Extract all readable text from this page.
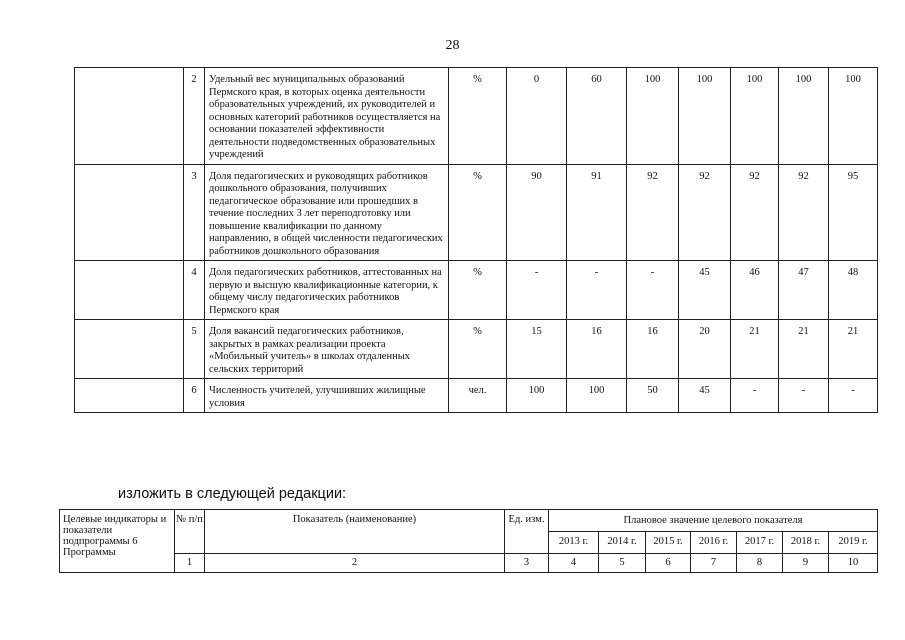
28
	2	Удельный вес муниципальных образований Пермского края, в которых оценка деятельности образовательных учреждений, их руководителей и основных категорий работников осуществляется на основании показателей эффективности деятельности подведомственных образовательных учреждений	%	0	60	100	100	100	100	100
	3	Доля педагогических и руководящих работников дошкольного образования, получивших педагогическое образование или прошедших в течение последних 3 лет переподготовку или повышение квалификации по данному направлению, в общей численности педагогических работников дошкольного образования	%	90	91	92	92	92	92	95
	4	Доля педагогических работников, аттестованных на первую и высшую квалификационные категории, к общему числу педагогических работников Пермского края	%	-	-	-	45	46	47	48
	5	Доля вакансий педагогических работников, закрытых в рамках реализации проекта «Мобильный учитель» в школах отдаленных сельских территорий	%	15	16	16	20	21	21	21
	6	Численность учителей, улучшивших жилищные условия	чел.	100	100	50	45	-	-	-
изложить в следующей редакции:
Целевые индикаторы и показатели подпрограммы 6 Программы	№ п/п	Показатель (наименование)	Ед. изм.	Плановое значение целевого показателя						
				2013 г.	2014 г.	2015 г.	2016 г.	2017 г.	2018 г.	2019 г.
	1	2	3	4	5	6	7	8	9	10
